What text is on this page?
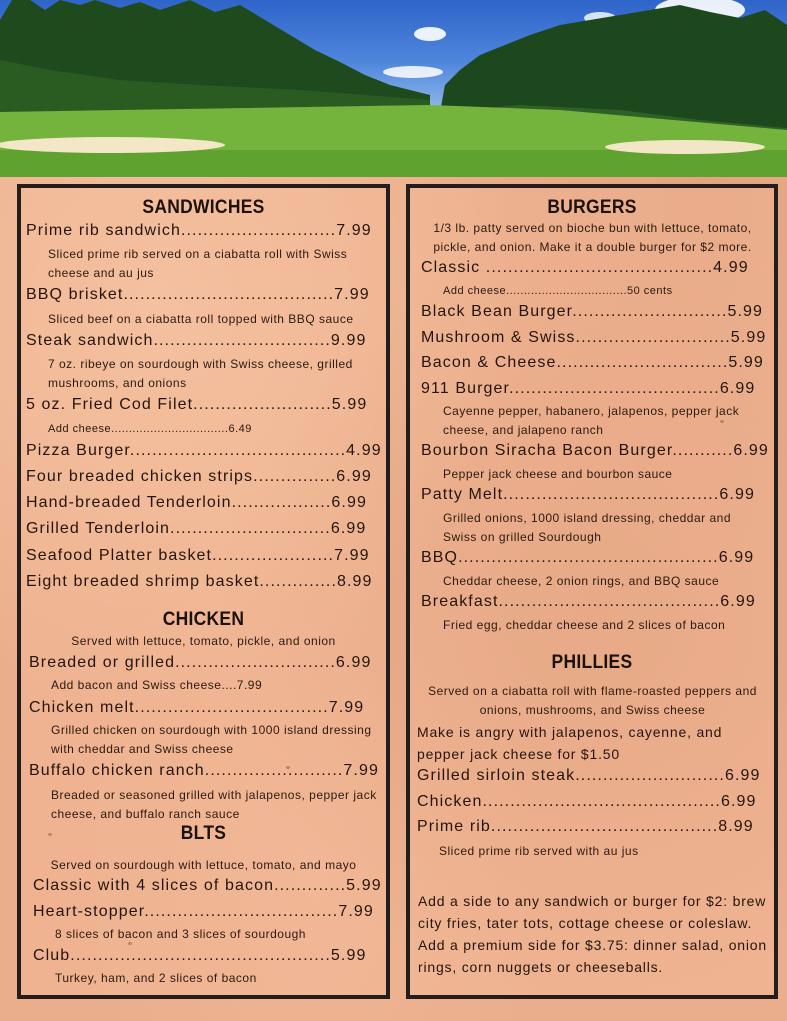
SANDWICHES
Prime rib sandwich............................7.99
Sliced prime rib served on a ciabatta roll with Swiss cheese and au jus
BBQ brisket......................................7.99
Sliced beef on a ciabatta roll topped with BBQ sauce
Steak sandwich................................9.99
7 oz. ribeye on sourdough with Swiss cheese, grilled mushrooms, and onions
5 oz. Fried Cod Filet.........................5.99
Add cheese.................................6.49
Pizza Burger.......................................4.99
Four breaded chicken strips...............6.99
Hand-breaded Tenderloin..................6.99
Grilled Tenderloin.............................6.99
Seafood Platter basket......................7.99
Eight breaded shrimp basket..............8.99
CHICKEN
Served with lettuce, tomato, pickle, and onion
Breaded or grilled.............................6.99
Add bacon and Swiss cheese....7.99
Chicken melt...................................7.99
Grilled chicken on sourdough with 1000 island dressing with cheddar and Swiss cheese
Buffalo chicken ranch.........................7.99
Breaded or seasoned grilled with jalapenos, pepper jack cheese, and buffalo ranch sauce
BLTS
Served on sourdough with lettuce, tomato, and mayo
Classic with 4 slices of bacon.............5.99
Heart-stopper...................................7.99
8 slices of bacon and 3 slices of sourdough
Club...............................................5.99
Turkey, ham, and 2 slices of bacon
BURGERS
1/3 lb. patty served on bioche bun with lettuce, tomato, pickle, and onion. Make it a double burger for $2 more.
Classic .........................................4.99
Add cheese..................................50 cents
Black Bean Burger............................5.99
Mushroom & Swiss............................5.99
Bacon & Cheese...............................5.99
911 Burger......................................6.99
Cayenne pepper, habanero, jalapenos, pepper jack cheese, and jalapeno ranch
Bourbon Siracha Bacon Burger...........6.99
Pepper jack cheese and bourbon sauce
Patty Melt.......................................6.99
Grilled onions, 1000 island dressing, cheddar and Swiss on grilled Sourdough
BBQ...............................................6.99
Cheddar cheese, 2 onion rings, and BBQ sauce
Breakfast........................................6.99
Fried egg, cheddar cheese and 2 slices of bacon
PHILLIES
Served on a ciabatta roll with flame-roasted peppers and onions, mushrooms, and Swiss cheese
Make is angry with jalapenos, cayenne, and pepper jack cheese for $1.50
Grilled sirloin steak...........................6.99
Chicken...........................................6.99
Prime rib.........................................8.99
Sliced prime rib served with au jus
Add a side to any sandwich or burger for $2: brew city fries, tater tots, cottage cheese or coleslaw. Add a premium side for $3.75: dinner salad, onion rings, corn nuggets or cheeseballs.
